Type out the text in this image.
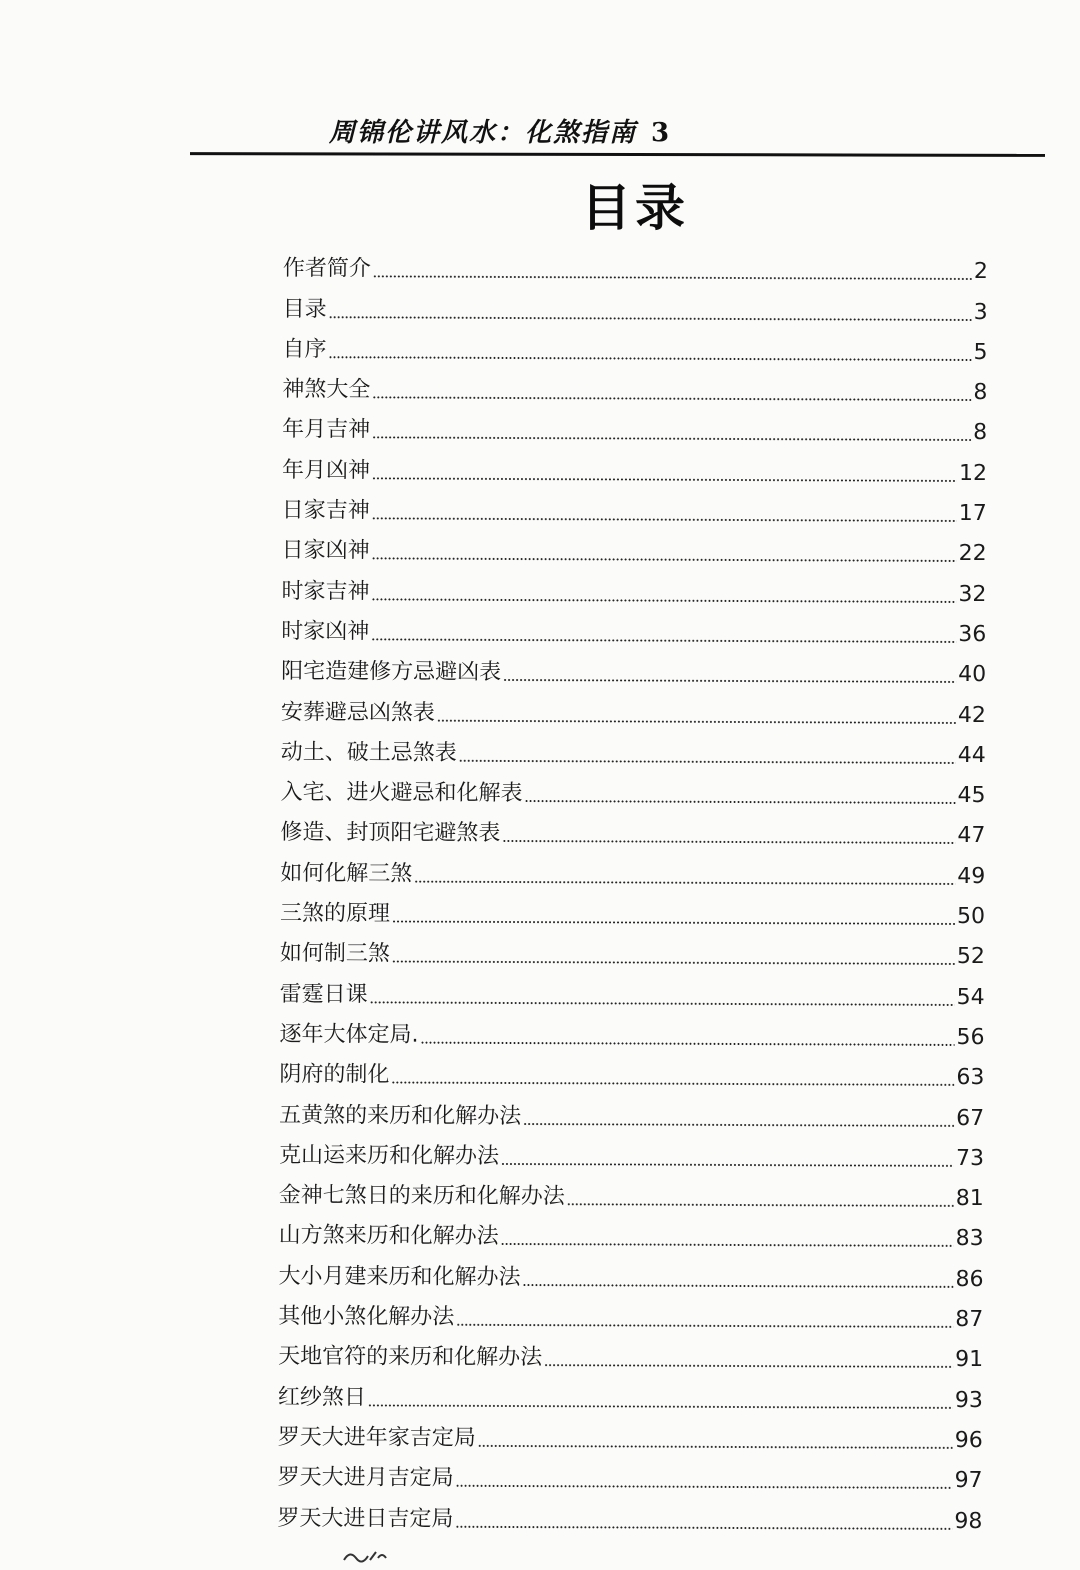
周锦伦讲风水：化煞指南 3
目录
作者简介	2
目录	3
自序	5
神煞大全	8
年月吉神	8
年月凶神	12
日家吉神	17
日家凶神	22
时家吉神	32
时家凶神	36
阳宅造建修方忌避凶表	40
安葬避忌凶煞表	42
动土、破土忌煞表	44
入宅、进火避忌和化解表	45
修造、封顶阳宅避煞表	47
如何化解三煞	49
三煞的原理	50
如何制三煞	52
雷霆日课	54
逐年大体定局.	56
阴府的制化	63
五黄煞的来历和化解办法	67
克山运来历和化解办法	73
金神七煞日的来历和化解办法	81
山方煞来历和化解办法	83
大小月建来历和化解办法	86
其他小煞化解办法	87
天地官符的来历和化解办法	91
红纱煞日	93
罗天大进年家吉定局	96
罗天大进月吉定局	97
罗天大进日吉定局	98
